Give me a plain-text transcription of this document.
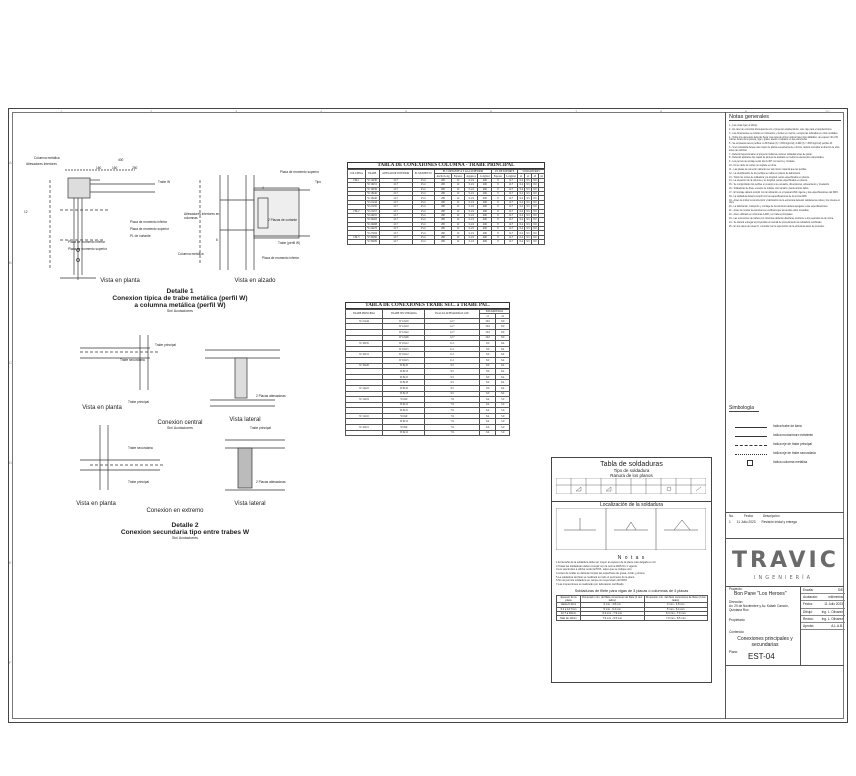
1	2	3	4	5	6	7	8	9	10
A
B
C
D
E
F
Columna metálica
Atiesadores interiores
Trabe W
Placa de momento inferior
Placa de momento superior
PL de cortante
Placa de momento inferior
Placa de momento superior
Atiesadores interiores en columnas
Placa de momento superior
2 Placas de cortante
Columna metálica
Placa de momento inferior
Trabe (perfil W)
Tipo
400
160	160	250
12
6
4
Vista en planta	Vista en alzado
Detalle 1
Conexion típica de trabe metálica (perfil W)
a columna metálica (perfil W)
Sin/ Acotaciones
Trabe principal
Trabe secundaria
Trabe principal
2 Placas atiesadoras
Trabe secundaria
Trabe principal
Trabe principal
2 Placas atiesadoras
Vista en planta
Conexion central
Sin/ Acotaciones
Vista lateral
Vista en planta
Conexion en extremo
Vista lateral
Detalle 2
Conexion secundaria tipo entre trabes W
Sin/ Acotaciones
TABLA DE CONEXIONES COLUMNA - TRABE PRINCIPAL
COLUMNA	TRABE	ATIESADOR INTERIOR	PL MOMENTO	PL CORTANTE A Y ALA SUPERIOR				PL DE SOPORTE		SOLDADURAS			
				Ancho/Long	Espesor	Agujeros	Longitud	Espesor	Longitud	a1	a2	a3	a4
CM-1	W 14x30	12.7	25.4	200	12	3-1/4	406	8	12.7	6.4	9.5	8.0	
	W 16x31	12.7	25.4	200	12	3-1/4	406	8	12.7	6.4	9.5	8.0	
	W 16x36	12.7	25.4	200	12	3-1/4	406	8	12.7	6.4	9.5	8.0	
	W 18x40	12.7	25.4	200	12	3-1/4	406	8	12.7	6.4	9.5	8.0	
	W 18x46	12.7	25.4	200	12	3-1/4	406	8	12.7	6.4	9.5	8.0	
	W 21x44	12.7	25.4	200	12	3-1/4	406	8	12.7	6.4	9.5	8.0	
	W 21x50	12.7	25.4	200	12	3-1/4	406	8	12.7	6.4	9.5	8.0	
CM-2	W 21x57	12.7	25.4	200	12	3-1/4	406	8	12.7	6.4	9.5	8.0	
	W 24x55	12.7	25.4	200	12	3-1/4	406	8	12.7	6.4	9.5	8.0	
	W 24x62	12.7	25.4	200	12	3-1/4	406	8	12.7	6.4	9.5	8.0	
	W 24x68	12.7	25.4	200	12	3-1/4	406	8	12.7	6.4	9.5	8.0	
	W 24x76	12.7	25.4	200	12	3-1/4	406	8	12.7	6.4	9.5	8.0	
	W 27x84	12.7	25.4	200	12	3-1/4	406	8	12.7	6.4	9.5	8.0	
CM-3	W 30x90	12.7	25.4	200	12	3-1/4	406	8	12.7	6.4	9.5	8.0	
	W 30x99	12.7	25.4	200	12	3-1/4	406	8	12.7	6.4	9.5	8.0	
TABLA DE CONEXIONES TRABE SEC. a TRABE PAL.
TRABE PRINCIPAL	TRABE SECUNDARIA	PLACAS ATIESADORAS ANC	SOLDADURAS	
			a1	a2
W 21x44	W 12x16	12.7	10.0	8.0
	W 12x19	12.7	10.0	8.0
	W 12x22	12.7	10.0	8.0
	W 12x26	12.7	10.0	8.0
W 18x35	W 10x12	11.1	8.0	6.4
	W 10x15	11.1	8.0	6.4
W 16x31	W 10x12	11.1	8.0	6.4
	W 10x15	11.1	8.0	6.4
W 16x26	W 8x10	9.5	8.0	6.4
	W 8x13	9.5	8.0	6.4
	W 8x15	9.5	8.0	6.4
	W 8x18	9.5	8.0	6.4
W 14x22	W 8x10	9.5	8.0	6.4
	W 8x13	9.5	8.0	6.4
W 12x19	W 6x9	7.9	6.4	5.0
	W 6x12	7.9	6.4	5.0
	W 6x15	7.9	6.4	5.0
W 12x16	W 6x9	7.9	6.4	5.0
	W 6x12	7.9	6.4	5.0
W 10x15	W 6x9	7.9	6.4	5.0
	W 6x12	7.9	6.4	5.0
Tabla de soldaduras
Tipo de soldadura
Ranura de los planos
Localización de la soldadura
N o t a s
1.El tamaño de la soldadura debe ser mayor al espesor de la placa más delgada a unir
2.Todas las soldaduras deben cumplir con la norma AWS D1.1 vigente
3.Los electrodos a utilizar serán E70XX, salvo que se indique otro
4.Antes de soldar se deberán limpiar las superficies de grasa, óxido y pintura
5.La soldadura de filete se realizará en todo el perímetro de la placa
6.No se permite soldadura en campo sin supervisión del DRO
7.Las inspecciones se realizarán por laboratorio certificado
Soldaduras de filete para vigas de 3 placas ó columnas de 4 placas
Espesor de la placa	Dimensión mín. del filete conexiones de filete (1 dos lados)	Dimensión mín. del filete conexiones de filete (2 dos lados)
Hasta 6.4mm	3 mm - 4.8 mm	3 mm - 4.8 mm
6.4 a 12.7mm	5 mm - 6.4 mm	5 mm - 6.4 mm
12.7 a 19mm	6.4 mm - 7.9 mm	6.4 mm - 7.9 mm
Más de 19mm	7.9 mm - 9.5 mm	7.9 mm - 9.5 mm
Notas generales
1.- Las cotas rigen al dibujo.
2.- En caso de encontrar discrepancia con el proyecto arquitectónico, éste rige para el arquitectónico.
3.- Las dimensiones se indican en milímetros y niveles en metros, excepto las indicadas en otras unidades.
4.- Todos los elementos deberán llevar una capa de primer anticorrosivo tipo alkidálico, de espesor 40 a 50 micras. Antes de la pintura, rigen, grasa, aceite o residuos en las estructuras.
5.- Se emplearán acero perfiles: A-36 Placas (fy = 2530 kg/cm2); A-992 (fy = 3515 kg/cm2) perfiles W.
6.- Si el contratista desea usar mayor de placas sucesivamente o forma, deberá consultar al director de obra antes de cambiar.
7.- Deberá inspeccionarse al proyecto todas las uniones soldadas antes de pintar.
8.- Deberán aplicarse dos capas de pintura de acabado en todos los elementos estructurales.
9.- Los pernos de anclaje serán tipo A-307 con tuerca y rondana.
10.- No se debe de cortar con soplete en obra.
11.- Las placas de conexión deberán ser del mismo material que los perfiles.
12.- La identificación de los perfiles se indica en planos de fabricación.
13.- Todos los cortes de soldadura y la longitud, serán especificados en planos.
14.- La elevación de la columna y su longitud, serán especificados en planos.
15.- Se comprobarán los perfiles en cuanto a su escuadre, dimensiones, alineamiento y nivelación.
16.- Soldaduras de filete, excepto se indique otro tamaño, desde ambos lados.
17.- El montaje deberá cumplir con la indicación en el manual AISC vigente y las especificaciones del DRO.
18.- La soldadura deberá cumplir con las especificaciones de la norma AWS.
19.- Antes de iniciar la construcción y fabricación de la estructura deberán validarse las cotas y los niveles en obra.
20.- La fabricación, transporte y montaje de la estructura deberá apegarse a las especificaciones.
21.- Antes de montar la estructura se verificará que las anclas estén niveladas.
22.- Acero utilizado en columnas A-992 y en trabes principales.
23.- Las conexiones de trabes con columnas deberán diseñarse conforme a los requisitos de la norma.
24.- Se deberá entregar al proyectista el manual de procedimiento de soldadura certificado.
25.- En los casos de refuerzo, consultar con la supervisión de la estructura antes de proceder.
Simbología
Indica trabe de liana
Indica muros/muro existente
Indica eje de trabe principal
Indica eje de trabe secundaria
Indica columna metálica
No.	Fecha	Descripción
1 11 Julio 2023 Revisión inicial y entrega
TRAVIC
INGENIERÍA
Proyecto:
Bon Pane "Los Heroes"
Dirección:
Av. 20 de Noviembre y Av. Kabah Cancún, Quintana Roo
Propietario:
Contenido:
Conexiones principales y secundarias
Plano: EST-04
Escala:	S/E
Acotación:	milímetros
Fecha:	11 Julio 2023
Dibujó:	Ing. L. Olivarez
Revisó: Ing. L. Olivarez
Aprobó:	A.L.A.B.
